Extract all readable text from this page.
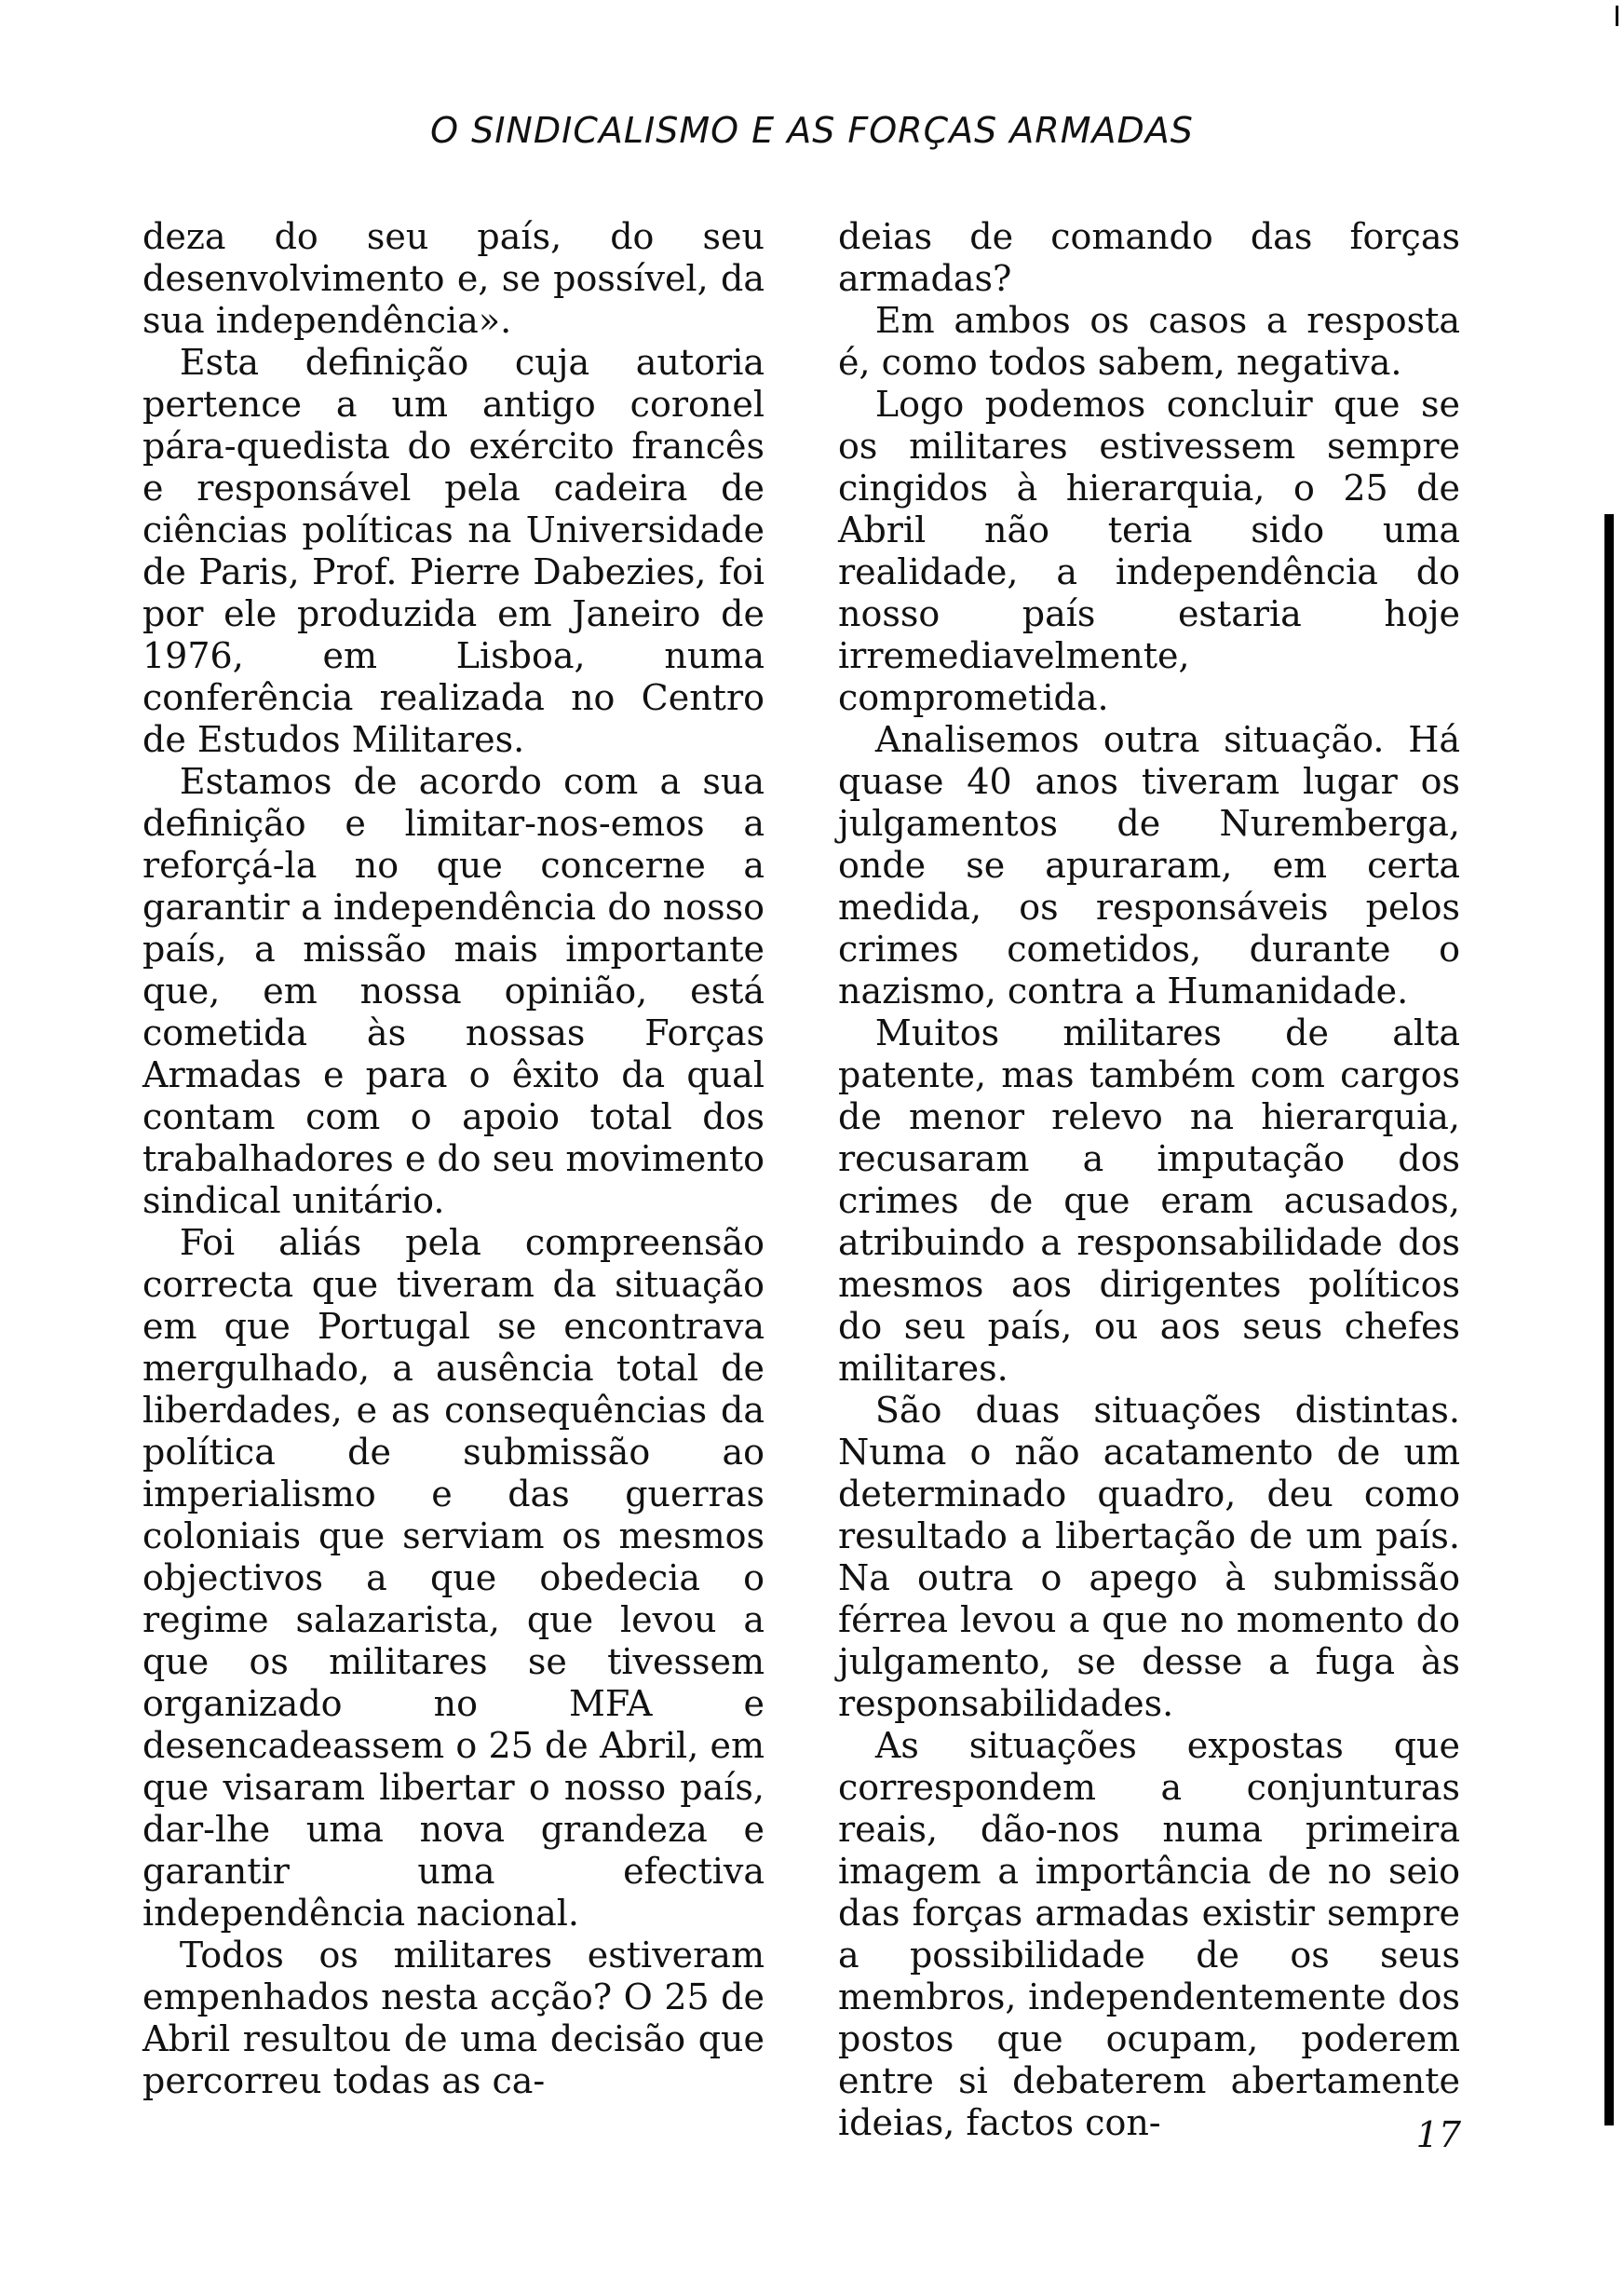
O SINDICALISMO E AS FORÇAS ARMADAS

deza do seu país, do seu desenvolvimento e, se possível, da sua independência».

Esta definição cuja autoria pertence a um antigo coronel pára-quedista do exército francês e responsável pela cadeira de ciências políticas na Universidade de Paris, Prof. Pierre Dabezies, foi por ele produzida em Janeiro de 1976, em Lisboa, numa conferência realizada no Centro de Estudos Militares.

Estamos de acordo com a sua definição e limitar-nos-emos a reforçá-la no que concerne a garantir a independência do nosso país, a missão mais importante que, em nossa opinião, está cometida às nossas Forças Armadas e para o êxito da qual contam com o apoio total dos trabalhadores e do seu movimento sindical unitário.

Foi aliás pela compreensão correcta que tiveram da situação em que Portugal se encontrava mergulhado, a ausência total de liberdades, e as consequências da política de submissão ao imperialismo e das guerras coloniais que serviam os mesmos objectivos a que obedecia o regime salazarista, que levou a que os militares se tivessem organizado no MFA e desencadeassem o 25 de Abril, em que visaram libertar o nosso país, dar-lhe uma nova grandeza e garantir uma efectiva independência nacional.

Todos os militares estiveram empenhados nesta acção? O 25 de Abril resultou de uma decisão que percorreu todas as ca-

deias de comando das forças armadas?

Em ambos os casos a resposta é, como todos sabem, negativa.

Logo podemos concluir que se os militares estivessem sempre cingidos à hierarquia, o 25 de Abril não teria sido uma realidade, a independência do nosso país estaria hoje irremediavelmente, comprometida.

Analisemos outra situação. Há quase 40 anos tiveram lugar os julgamentos de Nuremberga, onde se apuraram, em certa medida, os responsáveis pelos crimes cometidos, durante o nazismo, contra a Humanidade.

Muitos militares de alta patente, mas também com cargos de menor relevo na hierarquia, recusaram a imputação dos crimes de que eram acusados, atribuindo a responsabilidade dos mesmos aos dirigentes políticos do seu país, ou aos seus chefes militares.

São duas situações distintas. Numa o não acatamento de um determinado quadro, deu como resultado a libertação de um país. Na outra o apego à submissão férrea levou a que no momento do julgamento, se desse a fuga às responsabilidades.

As situações expostas que correspondem a conjunturas reais, dão-nos numa primeira imagem a importância de no seio das forças armadas existir sempre a possibilidade de os seus membros, independentemente dos postos que ocupam, poderem entre si debaterem abertamente ideias, factos con-	17
